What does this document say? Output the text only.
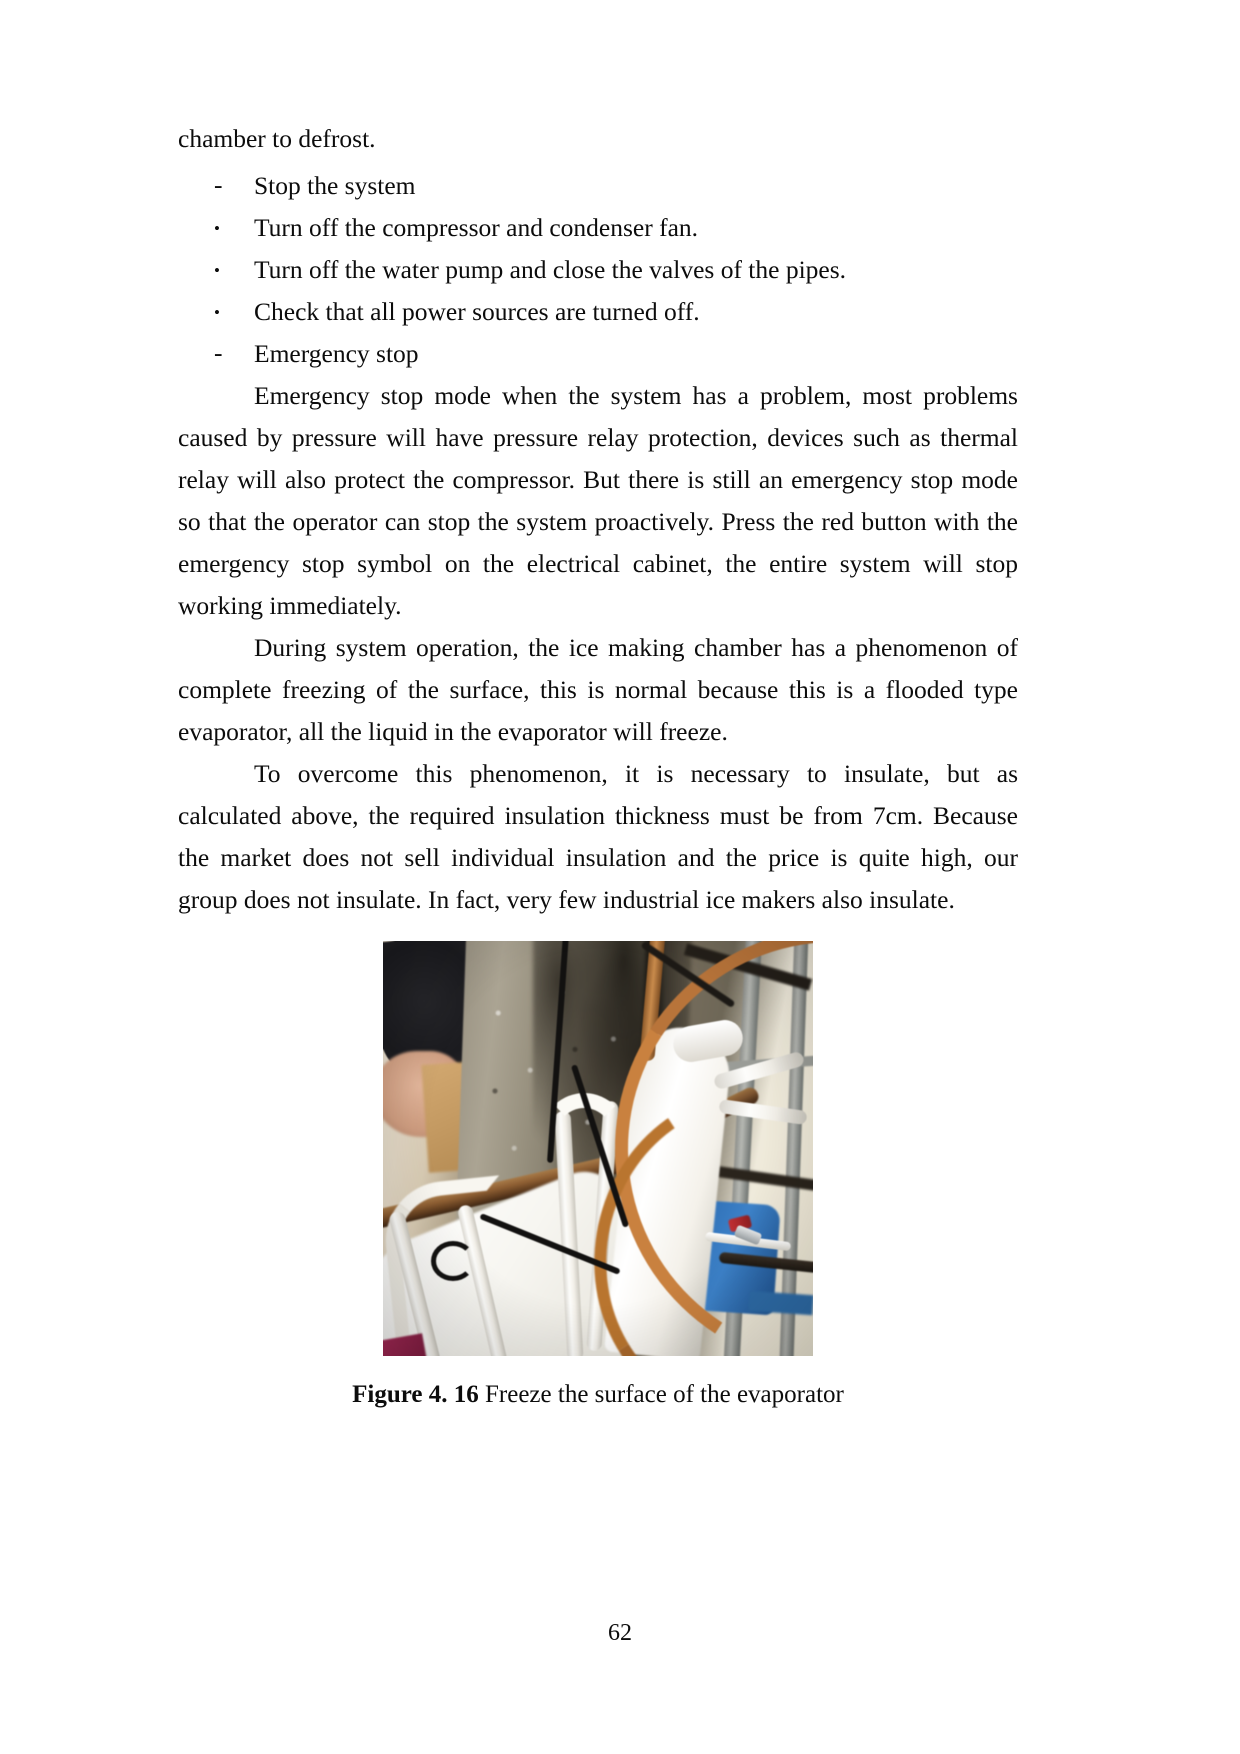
chamber to defrost.

-	Stop the system
•	Turn off the compressor and condenser fan.
•	Turn off the water pump and close the valves of the pipes.
•	Check that all power sources are turned off.
-	Emergency stop

Emergency stop mode when the system has a problem, most problems caused by pressure will have pressure relay protection, devices such as thermal relay will also protect the compressor. But there is still an emergency stop mode so that the operator can stop the system proactively. Press the red button with the emergency stop symbol on the electrical cabinet, the entire system will stop working immediately.

During system operation, the ice making chamber has a phenomenon of complete freezing of the surface, this is normal because this is a flooded type evaporator, all the liquid in the evaporator will freeze.

To overcome this phenomenon, it is necessary to insulate, but as calculated above, the required insulation thickness must be from 7cm. Because the market does not sell individual insulation and the price is quite high, our group does not insulate. In fact, very few industrial ice makers also insulate.

Figure 4. 16 Freeze the surface of the evaporator

62
